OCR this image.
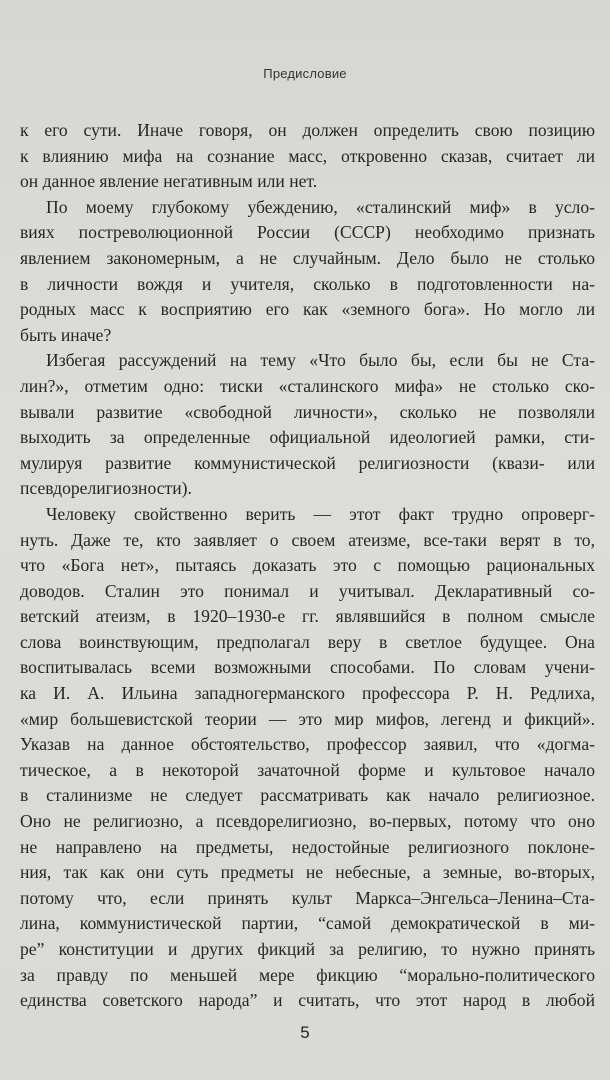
Предисловие
к его сути. Иначе говоря, он должен определить свою позицию
к влиянию мифа на сознание масс, откровенно сказав, считает ли
он данное явление негативным или нет.
По моему глубокому убеждению, «сталинский миф» в усло-
виях постреволюционной России (СССР) необходимо признать
явлением закономерным, а не случайным. Дело было не столько
в личности вождя и учителя, сколько в подготовленности на-
родных масс к восприятию его как «земного бога». Но могло ли
быть иначе?
Избегая рассуждений на тему «Что было бы, если бы не Ста-
лин?», отметим одно: тиски «сталинского мифа» не столько ско-
вывали развитие «свободной личности», сколько не позволяли
выходить за определенные официальной идеологией рамки, сти-
мулируя развитие коммунистической религиозности (квази- или
псевдорелигиозности).
Человеку свойственно верить — этот факт трудно опроверг-
нуть. Даже те, кто заявляет о своем атеизме, все-таки верят в то,
что «Бога нет», пытаясь доказать это с помощью рациональных
доводов. Сталин это понимал и учитывал. Декларативный со-
ветский атеизм, в 1920–1930-е гг. являвшийся в полном смысле
слова воинствующим, предполагал веру в светлое будущее. Она
воспитывалась всеми возможными способами. По словам учени-
ка И. А. Ильина западногерманского профессора Р. Н. Редлиха,
«мир большевистской теории — это мир мифов, легенд и фикций».
Указав на данное обстоятельство, профессор заявил, что «догма-
тическое, а в некоторой зачаточной форме и культовое начало
в сталинизме не следует рассматривать как начало религиозное.
Оно не религиозно, а псевдорелигиозно, во-первых, потому что оно
не направлено на предметы, недостойные религиозного поклоне-
ния, так как они суть предметы не небесные, а земные, во-вторых,
потому что, если принять культ Маркса–Энгельса–Ленина–Ста-
лина, коммунистической партии, “самой демократической в ми-
ре” конституции и других фикций за религию, то нужно принять
за правду по меньшей мере фикцию “морально-политического
единства советского народа” и считать, что этот народ в любой
5
